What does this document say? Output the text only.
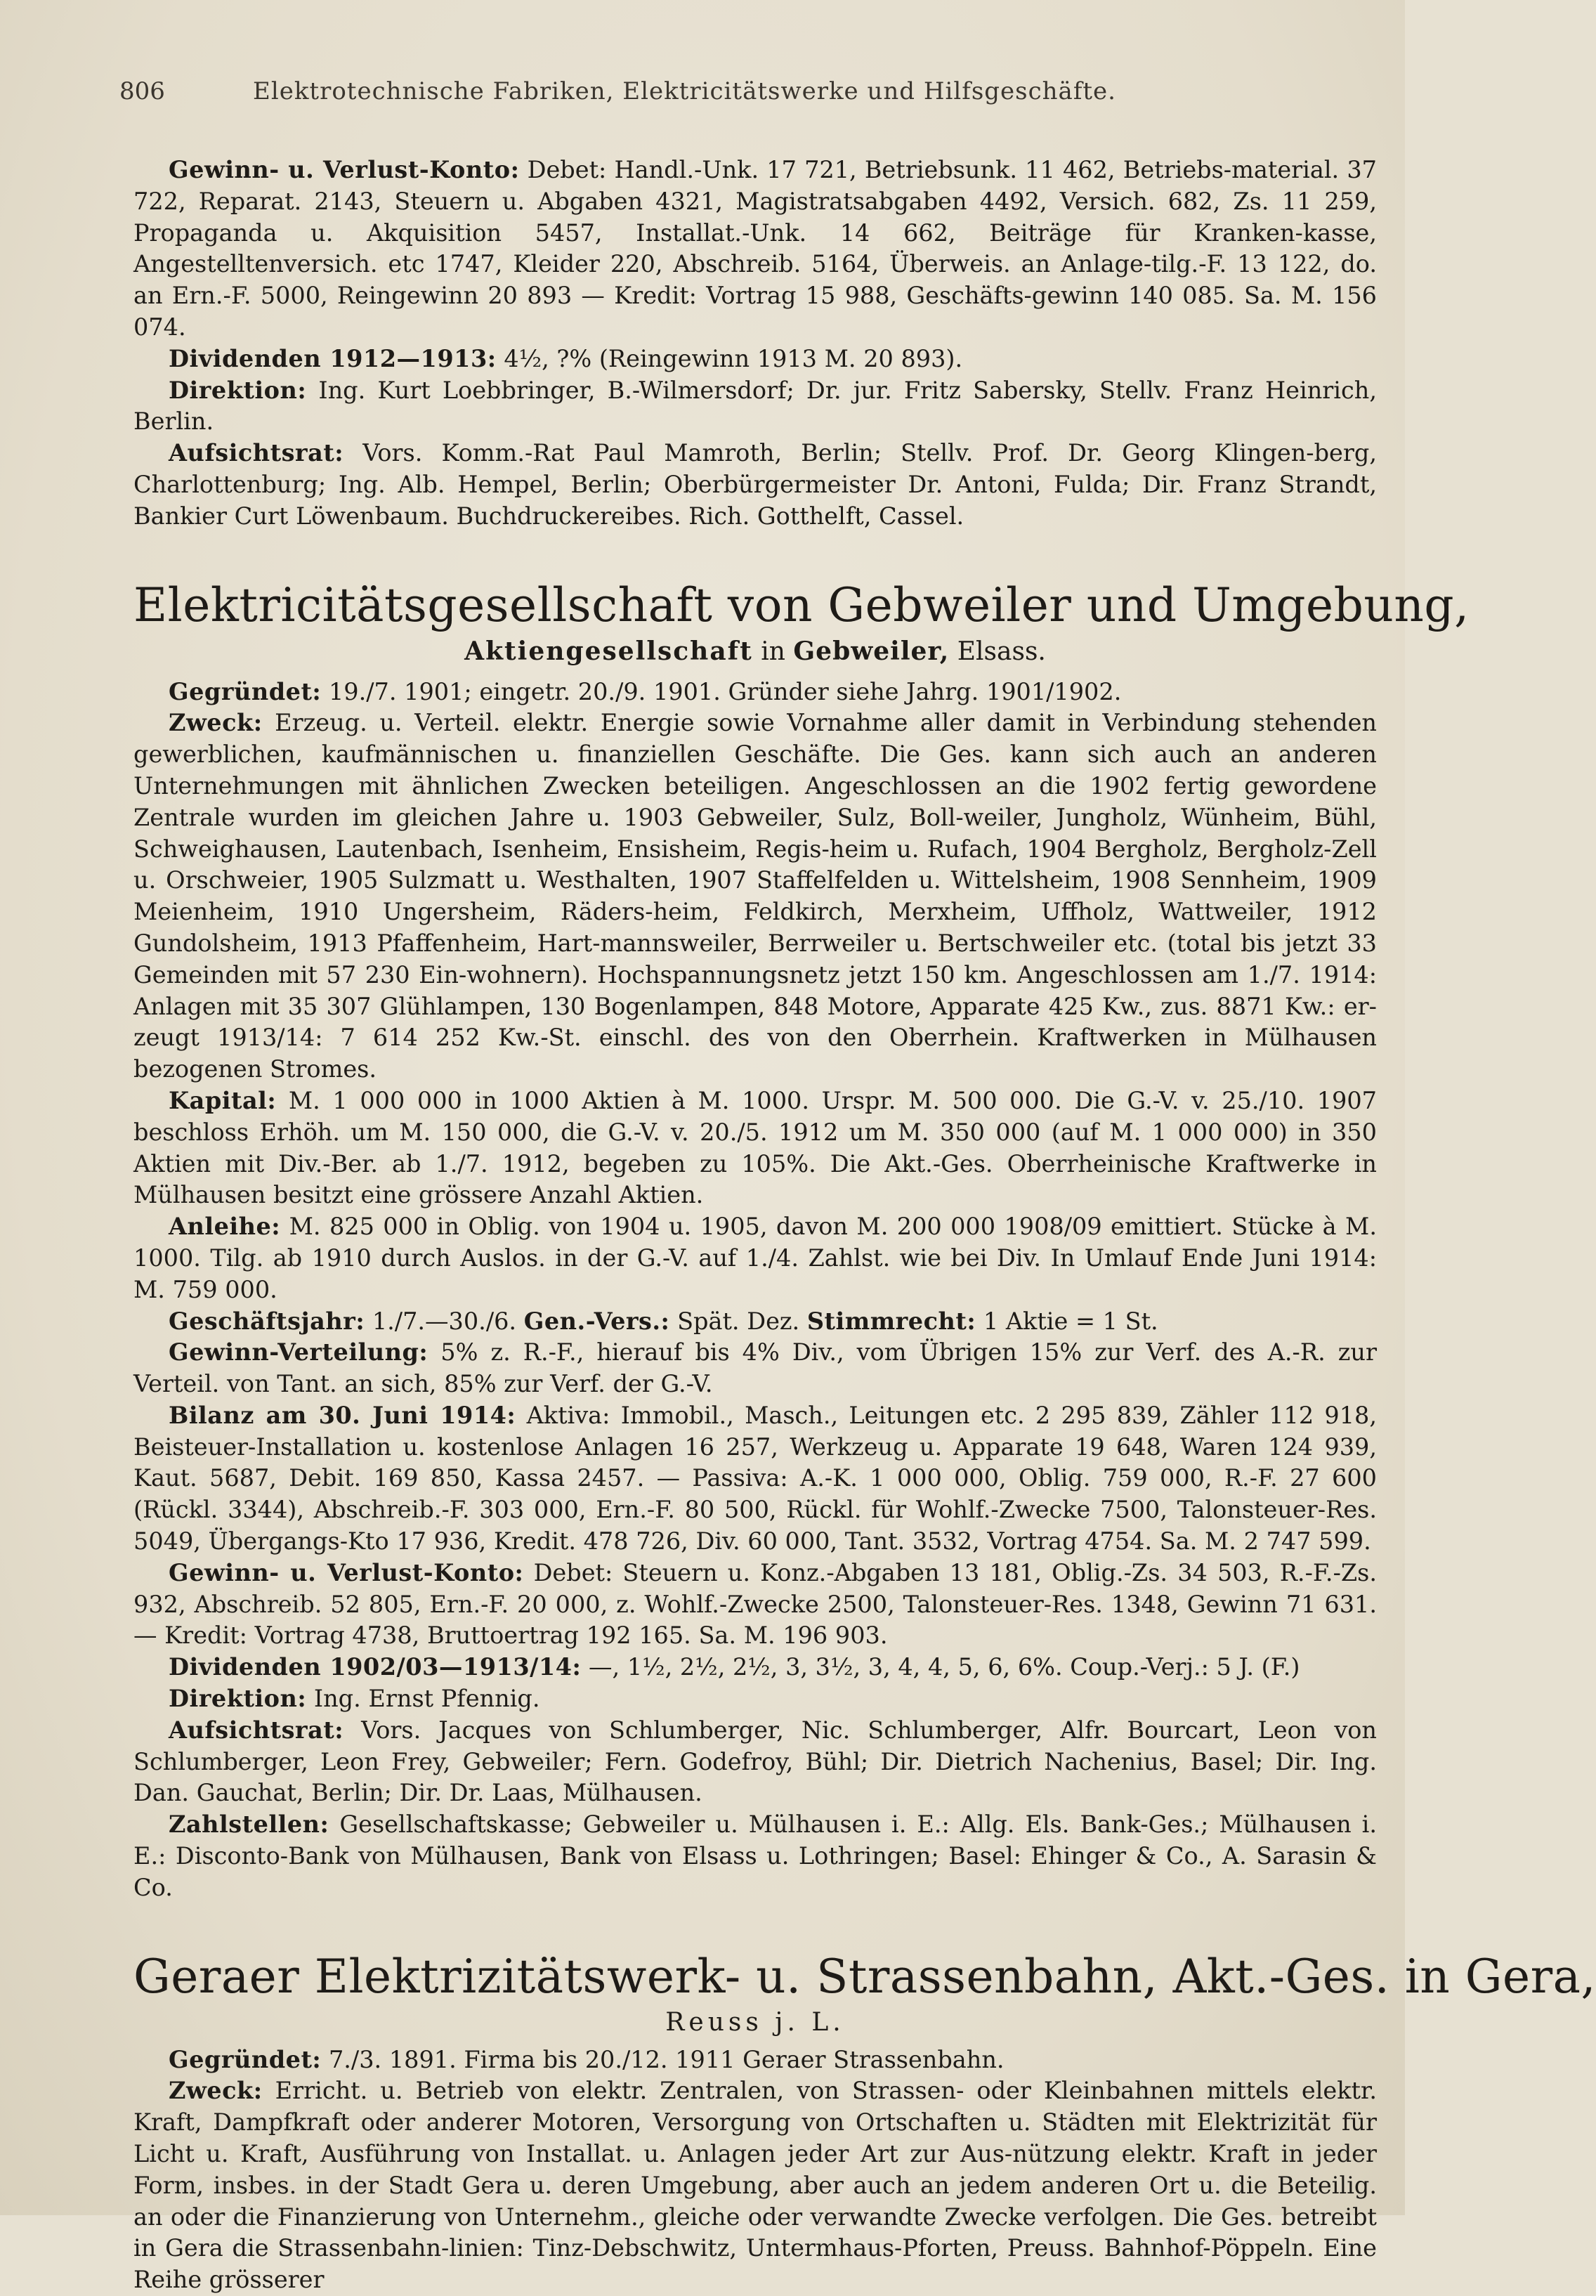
806	Elektrotechnische Fabriken, Elektricitätswerke und Hilfsgeschäfte.

Gewinn- u. Verlust-Konto: Debet: Handl.-Unk. 17 721, Betriebsunk. 11 462, Betriebs-material. 37 722, Reparat. 2143, Steuern u. Abgaben 4321, Magistratsabgaben 4492, Versich. 682, Zs. 11 259, Propaganda u. Akquisition 5457, Installat.-Unk. 14 662, Beiträge für Kranken-kasse, Angestelltenversich. etc 1747, Kleider 220, Abschreib. 5164, Überweis. an Anlage-tilg.-F. 13 122, do. an Ern.-F. 5000, Reingewinn 20 893 — Kredit: Vortrag 15 988, Geschäfts-gewinn 140 085. Sa. M. 156 074.

Dividenden 1912—1913: 4½, ?% (Reingewinn 1913 M. 20 893).

Direktion: Ing. Kurt Loebbringer, B.-Wilmersdorf; Dr. jur. Fritz Sabersky, Stellv. Franz Heinrich, Berlin.

Aufsichtsrat: Vors. Komm.-Rat Paul Mamroth, Berlin; Stellv. Prof. Dr. Georg Klingen-berg, Charlottenburg; Ing. Alb. Hempel, Berlin; Oberbürgermeister Dr. Antoni, Fulda; Dir. Franz Strandt, Bankier Curt Löwenbaum. Buchdruckereibes. Rich. Gotthelft, Cassel.

Elektricitätsgesellschaft von Gebweiler und Umgebung,
Aktiengesellschaft in Gebweiler, Elsass.

Gegründet: 19./7. 1901; eingetr. 20./9. 1901. Gründer siehe Jahrg. 1901/1902.

Zweck: Erzeug. u. Verteil. elektr. Energie sowie Vornahme aller damit in Verbindung stehenden gewerblichen, kaufmännischen u. finanziellen Geschäfte. Die Ges. kann sich auch an anderen Unternehmungen mit ähnlichen Zwecken beteiligen. Angeschlossen an die 1902 fertig gewordene Zentrale wurden im gleichen Jahre u. 1903 Gebweiler, Sulz, Boll-weiler, Jungholz, Wünheim, Bühl, Schweighausen, Lautenbach, Isenheim, Ensisheim, Regis-heim u. Rufach, 1904 Bergholz, Bergholz-Zell u. Orschweier, 1905 Sulzmatt u. Westhalten, 1907 Staffelfelden u. Wittelsheim, 1908 Sennheim, 1909 Meienheim, 1910 Ungersheim, Räders-heim, Feldkirch, Merxheim, Uffholz, Wattweiler, 1912 Gundolsheim, 1913 Pfaffenheim, Hart-mannsweiler, Berrweiler u. Bertschweiler etc. (total bis jetzt 33 Gemeinden mit 57 230 Ein-wohnern). Hochspannungsnetz jetzt 150 km. Angeschlossen am 1./7. 1914: Anlagen mit 35 307 Glühlampen, 130 Bogenlampen, 848 Motore, Apparate 425 Kw., zus. 8871 Kw.: er-zeugt 1913/14: 7 614 252 Kw.-St. einschl. des von den Oberrhein. Kraftwerken in Mülhausen bezogenen Stromes.

Kapital: M. 1 000 000 in 1000 Aktien à M. 1000. Urspr. M. 500 000. Die G.-V. v. 25./10. 1907 beschloss Erhöh. um M. 150 000, die G.-V. v. 20./5. 1912 um M. 350 000 (auf M. 1 000 000) in 350 Aktien mit Div.-Ber. ab 1./7. 1912, begeben zu 105%. Die Akt.-Ges. Oberrheinische Kraftwerke in Mülhausen besitzt eine grössere Anzahl Aktien.

Anleihe: M. 825 000 in Oblig. von 1904 u. 1905, davon M. 200 000 1908/09 emittiert. Stücke à M. 1000. Tilg. ab 1910 durch Auslos. in der G.-V. auf 1./4. Zahlst. wie bei Div. In Umlauf Ende Juni 1914: M. 759 000.

Geschäftsjahr: 1./7.—30./6. Gen.-Vers.: Spät. Dez. Stimmrecht: 1 Aktie = 1 St.

Gewinn-Verteilung: 5% z. R.-F., hierauf bis 4% Div., vom Übrigen 15% zur Verf. des A.-R. zur Verteil. von Tant. an sich, 85% zur Verf. der G.-V.

Bilanz am 30. Juni 1914: Aktiva: Immobil., Masch., Leitungen etc. 2 295 839, Zähler 112 918, Beisteuer-Installation u. kostenlose Anlagen 16 257, Werkzeug u. Apparate 19 648, Waren 124 939, Kaut. 5687, Debit. 169 850, Kassa 2457. — Passiva: A.-K. 1 000 000, Oblig. 759 000, R.-F. 27 600 (Rückl. 3344), Abschreib.-F. 303 000, Ern.-F. 80 500, Rückl. für Wohlf.-Zwecke 7500, Talonsteuer-Res. 5049, Übergangs-Kto 17 936, Kredit. 478 726, Div. 60 000, Tant. 3532, Vortrag 4754. Sa. M. 2 747 599.

Gewinn- u. Verlust-Konto: Debet: Steuern u. Konz.-Abgaben 13 181, Oblig.-Zs. 34 503, R.-F.-Zs. 932, Abschreib. 52 805, Ern.-F. 20 000, z. Wohlf.-Zwecke 2500, Talonsteuer-Res. 1348, Gewinn 71 631. — Kredit: Vortrag 4738, Bruttoertrag 192 165. Sa. M. 196 903.

Dividenden 1902/03—1913/14: —, 1½, 2½, 2½, 3, 3½, 3, 4, 4, 5, 6, 6%. Coup.-Verj.: 5 J. (F.)

Direktion: Ing. Ernst Pfennig.

Aufsichtsrat: Vors. Jacques von Schlumberger, Nic. Schlumberger, Alfr. Bourcart, Leon von Schlumberger, Leon Frey, Gebweiler; Fern. Godefroy, Bühl; Dir. Dietrich Nachenius, Basel; Dir. Ing. Dan. Gauchat, Berlin; Dir. Dr. Laas, Mülhausen.

Zahlstellen: Gesellschaftskasse; Gebweiler u. Mülhausen i. E.: Allg. Els. Bank-Ges.; Mülhausen i. E.: Disconto-Bank von Mülhausen, Bank von Elsass u. Lothringen; Basel: Ehinger & Co., A. Sarasin & Co.

Geraer Elektrizitätswerk- u. Strassenbahn, Akt.-Ges. in Gera,
Reuss j. L.

Gegründet: 7./3. 1891. Firma bis 20./12. 1911 Geraer Strassenbahn.

Zweck: Erricht. u. Betrieb von elektr. Zentralen, von Strassen- oder Kleinbahnen mittels elektr. Kraft, Dampfkraft oder anderer Motoren, Versorgung von Ortschaften u. Städten mit Elektrizität für Licht u. Kraft, Ausführung von Installat. u. Anlagen jeder Art zur Aus-nützung elektr. Kraft in jeder Form, insbes. in der Stadt Gera u. deren Umgebung, aber auch an jedem anderen Ort u. die Beteilig. an oder die Finanzierung von Unternehm., gleiche oder verwandte Zwecke verfolgen. Die Ges. betreibt in Gera die Strassenbahn-linien: Tinz-Debschwitz, Untermhaus-Pforten, Preuss. Bahnhof-Pöppeln. Eine Reihe grösserer
